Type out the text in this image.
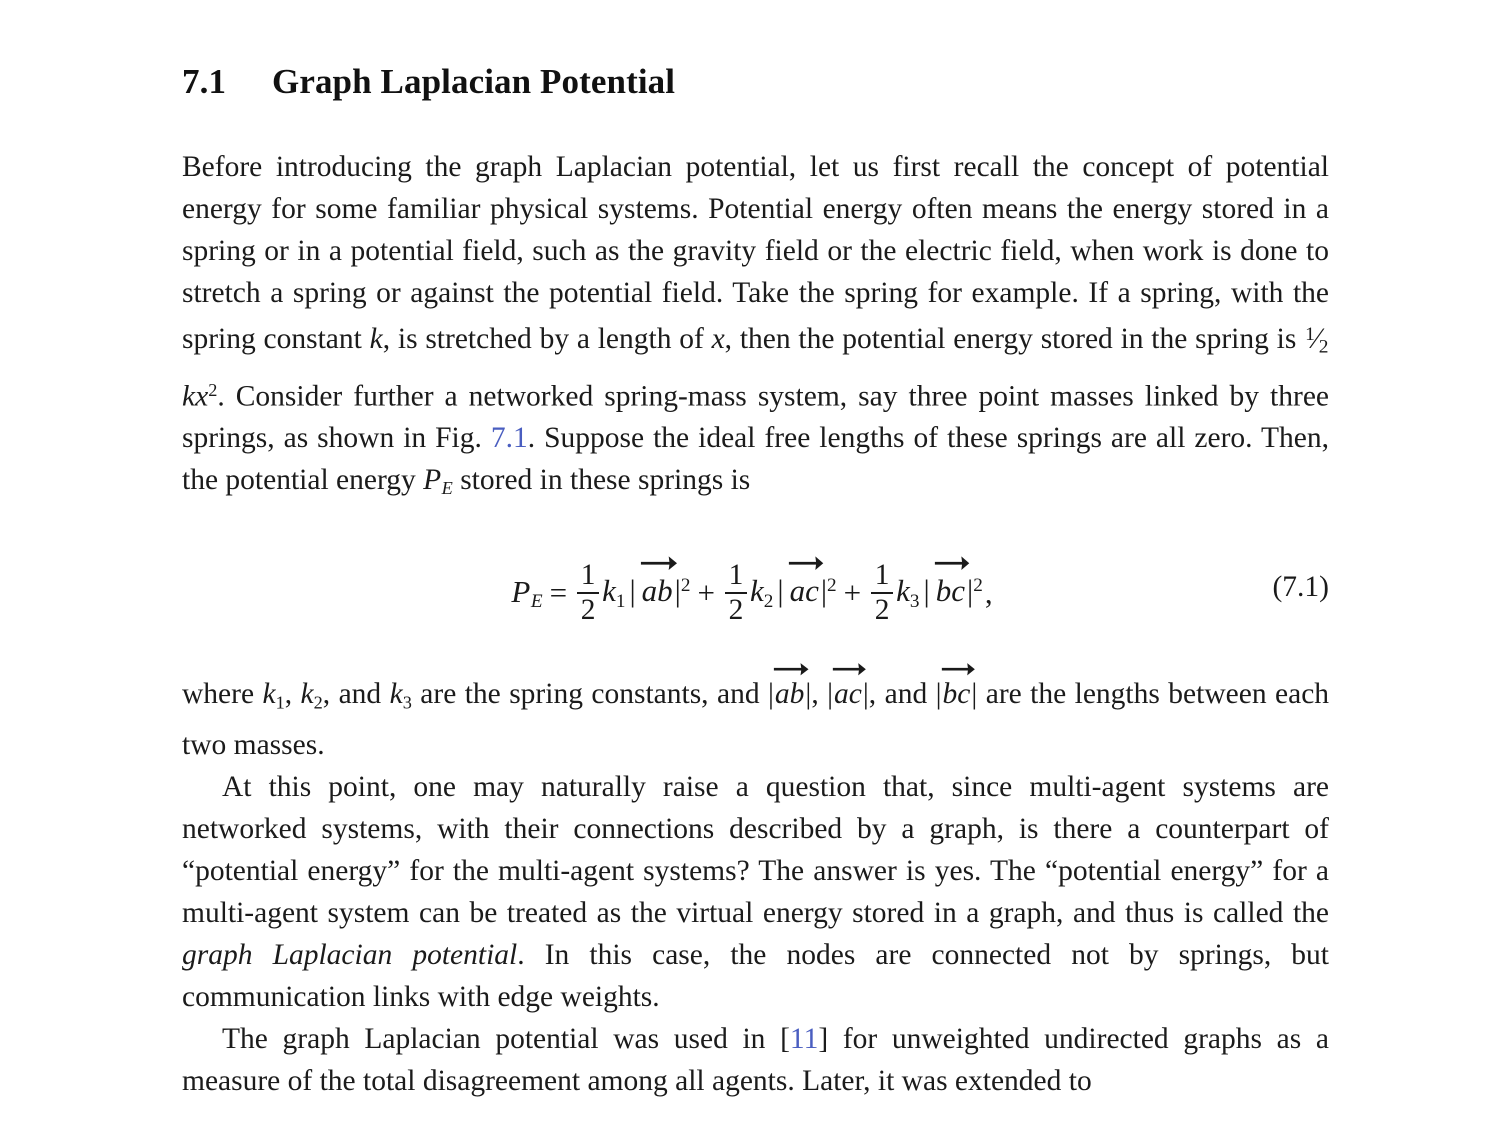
7.1 Graph Laplacian Potential

Before introducing the graph Laplacian potential, let us first recall the concept of potential energy for some familiar physical systems. Potential energy often means the energy stored in a spring or in a potential field, such as the gravity field or the electric field, when work is done to stretch a spring or against the potential field. Take the spring for example. If a spring, with the spring constant k, is stretched by a length of x, then the potential energy stored in the spring is $^1⁄2kx^2$. Consider further a networked spring-mass system, say three point masses linked by three springs, as shown in Fig. 7.1. Suppose the ideal free lengths of these springs are all zero. Then, the potential energy $P_E$ stored in these springs is

$P_E = \frac{1}{2} k1$ | $ab|^2 + \frac{1}{2} k2$ | $ac|^2 + \frac{1}{2} k3$ | $bc|^2$ ,	(7.1)

where k1, k2, and k3 are the spring constants, and |
ab|, |
ac|, and |
bc| are the lengths between each two masses.

At this point, one may naturally raise a question that, since multi-agent systems are networked systems, with their connections described by a graph, is there a counterpart of “potential energy” for the multi-agent systems? The answer is yes. The “potential energy” for a multi-agent system can be treated as the virtual energy stored in a graph, and thus is called the graph Laplacian potential. In this case, the nodes are connected not by springs, but communication links with edge weights.

The graph Laplacian potential was used in [11] for unweighted undirected graphs as a measure of the total disagreement among all agents. Later, it was extended to
